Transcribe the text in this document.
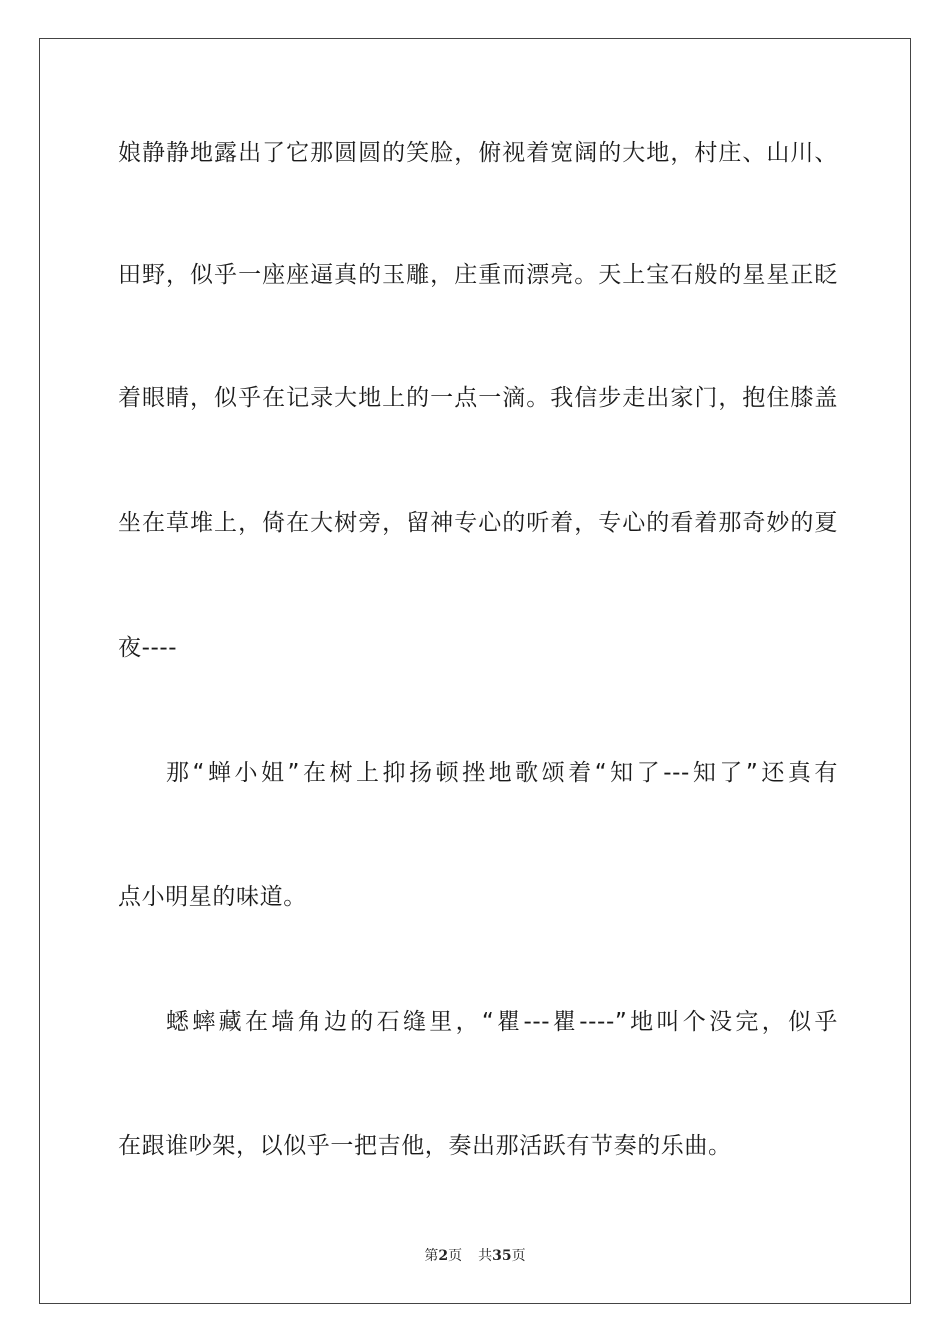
娘静静地露出了它那圆圆的笑脸，俯视着宽阔的大地，村庄、山川、
田野，似乎一座座逼真的玉雕，庄重而漂亮。天上宝石般的星星正眨
着眼睛，似乎在记录大地上的一点一滴。我信步走出家门，抱住膝盖
坐在草堆上，倚在大树旁，留神专心的听着，专心的看着那奇妙的夏
夜----
那“蝉小姐”在树上抑扬顿挫地歌颂着“知了---知了”还真有
点小明星的味道。
蟋蟀藏在墙角边的石缝里，“瞿---瞿----”地叫个没完，似乎
在跟谁吵架，以似乎一把吉他，奏出那活跃有节奏的乐曲。
第2页 共35页
